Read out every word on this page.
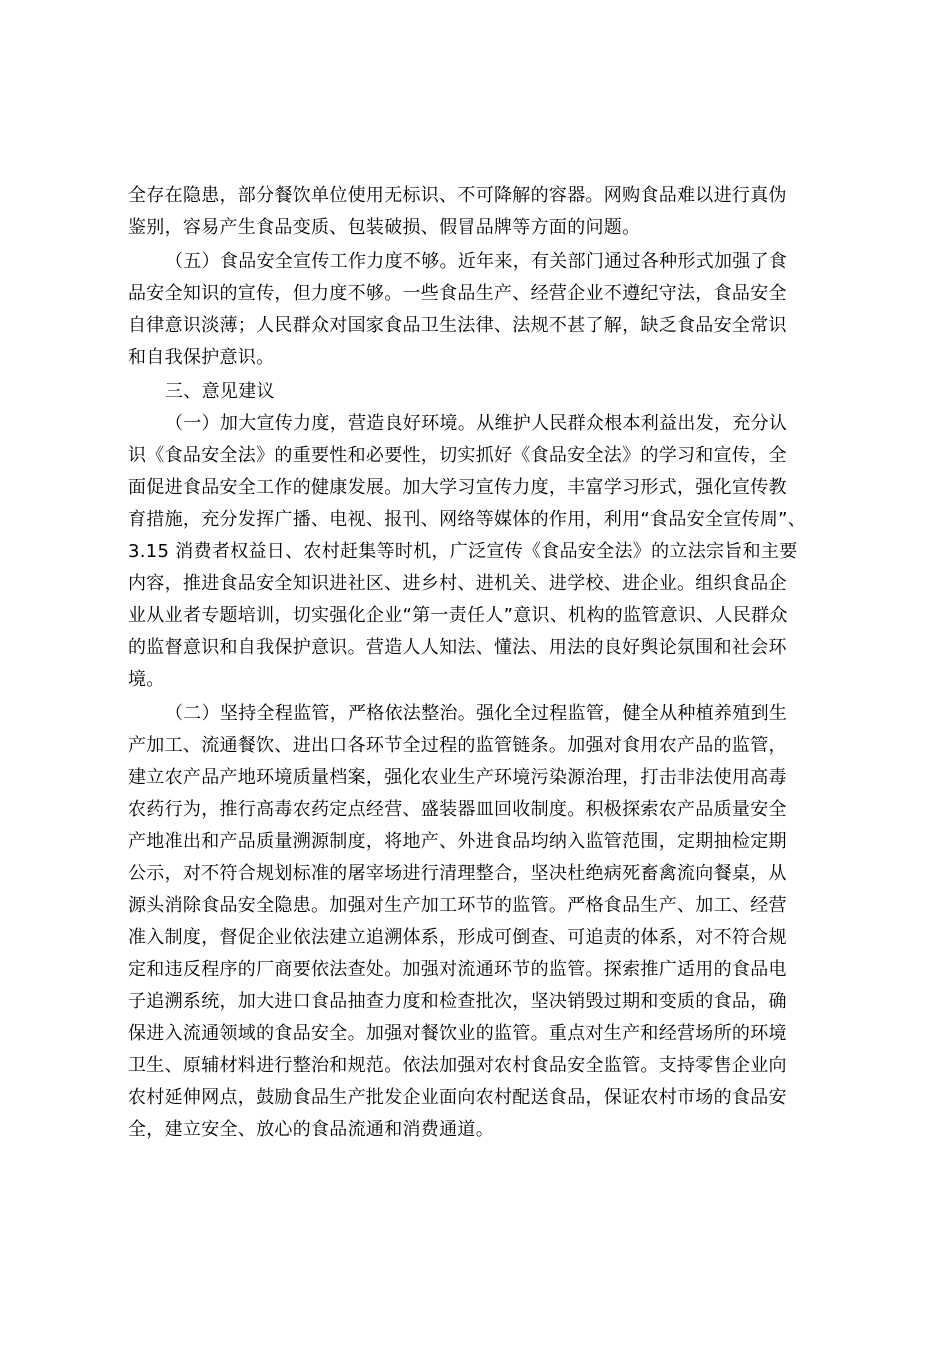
全存在隐患，部分餐饮单位使用无标识、不可降解的容器。网购食品难以进行真伪
鉴别，容易产生食品变质、包装破损、假冒品牌等方面的问题。
（五）食品安全宣传工作力度不够。近年来，有关部门通过各种形式加强了食
品安全知识的宣传，但力度不够。一些食品生产、经营企业不遵纪守法，食品安全
自律意识淡薄；人民群众对国家食品卫生法律、法规不甚了解，缺乏食品安全常识
和自我保护意识。
三、意见建议
（一）加大宣传力度，营造良好环境。从维护人民群众根本利益出发，充分认
识《食品安全法》的重要性和必要性，切实抓好《食品安全法》的学习和宣传，全
面促进食品安全工作的健康发展。加大学习宣传力度，丰富学习形式，强化宣传教
育措施，充分发挥广播、电视、报刊、网络等媒体的作用，利用“食品安全宣传周”、
3.15 消费者权益日、农村赶集等时机，广泛宣传《食品安全法》的立法宗旨和主要
内容，推进食品安全知识进社区、进乡村、进机关、进学校、进企业。组织食品企
业从业者专题培训，切实强化企业“第一责任人”意识、机构的监管意识、人民群众
的监督意识和自我保护意识。营造人人知法、懂法、用法的良好舆论氛围和社会环
境。
（二）坚持全程监管，严格依法整治。强化全过程监管，健全从种植养殖到生
产加工、流通餐饮、进出口各环节全过程的监管链条。加强对食用农产品的监管，
建立农产品产地环境质量档案，强化农业生产环境污染源治理，打击非法使用高毒
农药行为，推行高毒农药定点经营、盛装器皿回收制度。积极探索农产品质量安全
产地准出和产品质量溯源制度，将地产、外进食品均纳入监管范围，定期抽检定期
公示，对不符合规划标准的屠宰场进行清理整合，坚决杜绝病死畜禽流向餐桌，从
源头消除食品安全隐患。加强对生产加工环节的监管。严格食品生产、加工、经营
准入制度，督促企业依法建立追溯体系，形成可倒查、可追责的体系，对不符合规
定和违反程序的厂商要依法查处。加强对流通环节的监管。探索推广适用的食品电
子追溯系统，加大进口食品抽查力度和检查批次，坚决销毁过期和变质的食品，确
保进入流通领域的食品安全。加强对餐饮业的监管。重点对生产和经营场所的环境
卫生、原辅材料进行整治和规范。依法加强对农村食品安全监管。支持零售企业向
农村延伸网点，鼓励食品生产批发企业面向农村配送食品，保证农村市场的食品安
全，建立安全、放心的食品流通和消费通道。
